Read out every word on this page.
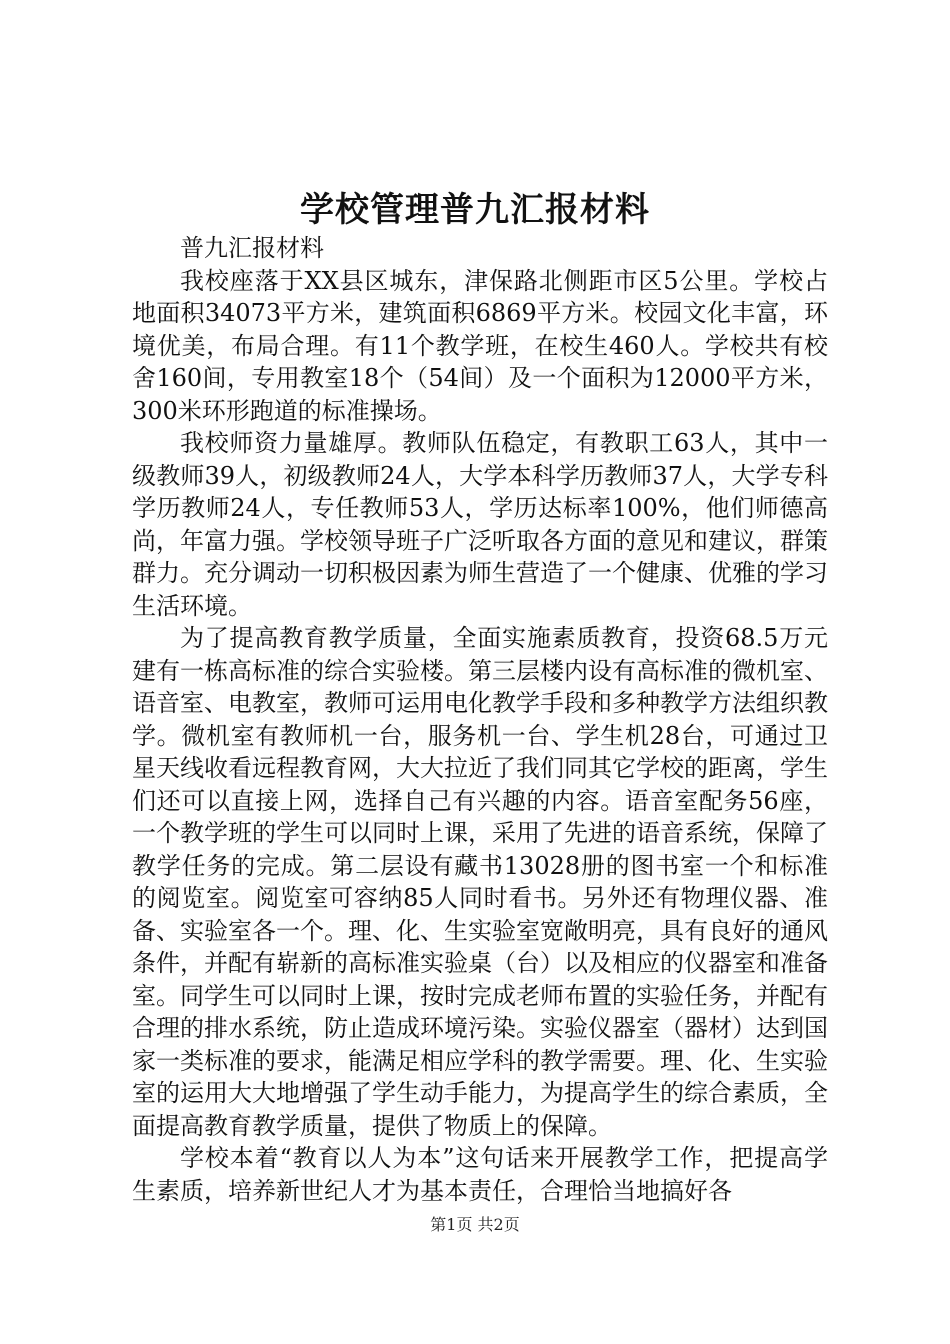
学校管理普九汇报材料

普九汇报材料

我校座落于XX县区城东，津保路北侧距市区5公里。学校占地面积34073平方米，建筑面积6869平方米。校园文化丰富，环境优美，布局合理。有11个教学班，在校生460人。学校共有校舍160间，专用教室18个（54间）及一个面积为12000平方米，300米环形跑道的标准操场。

我校师资力量雄厚。教师队伍稳定，有教职工63人，其中一级教师39人，初级教师24人，大学本科学历教师37人，大学专科学历教师24人，专任教师53人，学历达标率100%，他们师德高尚，年富力强。学校领导班子广泛听取各方面的意见和建议，群策群力。充分调动一切积极因素为师生营造了一个健康、优雅的学习生活环境。

为了提高教育教学质量，全面实施素质教育，投资68.5万元建有一栋高标准的综合实验楼。第三层楼内设有高标准的微机室、语音室、电教室，教师可运用电化教学手段和多种教学方法组织教学。微机室有教师机一台，服务机一台、学生机28台，可通过卫星天线收看远程教育网，大大拉近了我们同其它学校的距离，学生们还可以直接上网，选择自己有兴趣的内容。语音室配务56座，一个教学班的学生可以同时上课，采用了先进的语音系统，保障了教学任务的完成。第二层设有藏书13028册的图书室一个和标准的阅览室。阅览室可容纳85人同时看书。另外还有物理仪器、准备、实验室各一个。理、化、生实验室宽敞明亮，具有良好的通风条件，并配有崭新的高标准实验桌（台）以及相应的仪器室和准备室。同学生可以同时上课，按时完成老师布置的实验任务，并配有合理的排水系统，防止造成环境污染。实验仪器室（器材）达到国家一类标准的要求，能满足相应学科的教学需要。理、化、生实验室的运用大大地增强了学生动手能力，为提高学生的综合素质，全面提高教育教学质量，提供了物质上的保障。

学校本着“教育以人为本”这句话来开展教学工作，把提高学生素质，培养新世纪人才为基本责任，合理恰当地搞好各

第1页 共2页
